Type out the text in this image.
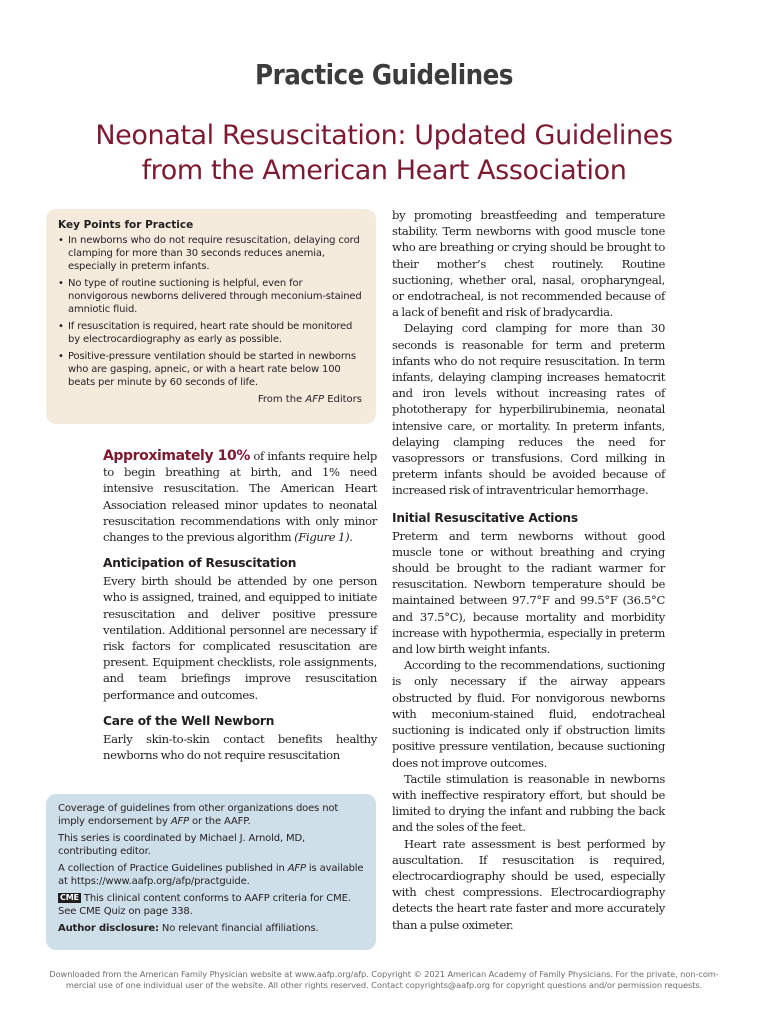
Practice Guidelines
Neonatal Resuscitation: Updated Guidelines
from the American Heart Association
Key Points for Practice
• In newborns who do not require resuscitation, delaying cord clamping for more than 30 seconds reduces anemia, especially in preterm infants.
• No type of routine suctioning is helpful, even for nonvigorous newborns delivered through meconium-stained amniotic fluid.
• If resuscitation is required, heart rate should be monitored by electrocardiography as early as possible.
• Positive-pressure ventilation should be started in newborns who are gasping, apneic, or with a heart rate below 100 beats per minute by 60 seconds of life.
From the AFP Editors

Approximately 10% of infants require help to begin breathing at birth, and 1% need intensive resuscitation. The American Heart Association released minor updates to neonatal resuscitation recommendations with only minor changes to the previous algorithm (Figure 1).

Anticipation of Resuscitation

Every birth should be attended by one person who is assigned, trained, and equipped to initiate resuscitation and deliver positive pressure ventilation. Additional personnel are necessary if risk factors for complicated resuscitation are present. Equipment checklists, role assignments, and team briefings improve resuscitation performance and outcomes.

Care of the Well Newborn

Early skin-to-skin contact benefits healthy newborns who do not require resuscitation

by promoting breastfeeding and temperature stability. Term newborns with good muscle tone who are breathing or crying should be brought to their mother’s chest routinely. Routine suctioning, whether oral, nasal, oropharyngeal, or endotracheal, is not recommended because of a lack of benefit and risk of bradycardia.

Delaying cord clamping for more than 30 seconds is reasonable for term and preterm infants who do not require resuscitation. In term infants, delaying clamping increases hematocrit and iron levels without increasing rates of phototherapy for hyperbilirubinemia, neonatal intensive care, or mortality. In preterm infants, delaying clamping reduces the need for vasopressors or transfusions. Cord milking in preterm infants should be avoided because of increased risk of intraventricular hemorrhage.

Initial Resuscitative Actions

Preterm and term newborns without good muscle tone or without breathing and crying should be brought to the radiant warmer for resuscitation. Newborn temperature should be maintained between 97.7°F and 99.5°F (36.5°C and 37.5°C), because mortality and morbidity increase with hypothermia, especially in preterm and low birth weight infants.

According to the recommendations, suctioning is only necessary if the airway appears obstructed by fluid. For nonvigorous newborns with meconium-stained fluid, endotracheal suctioning is indicated only if obstruction limits positive pressure ventilation, because suctioning does not improve outcomes.

Tactile stimulation is reasonable in newborns with ineffective respiratory effort, but should be limited to drying the infant and rubbing the back and the soles of the feet.

Heart rate assessment is best performed by auscultation. If resuscitation is required, electrocardiography should be used, especially with chest compressions. Electrocardiography detects the heart rate faster and more accurately than a pulse oximeter.

Coverage of guidelines from other organizations does not imply endorsement by AFP or the AAFP.

This series is coordinated by Michael J. Arnold, MD, contributing editor.

A collection of Practice Guidelines published in AFP is available at https://www.aafp.org/afp/practguide.

CME This clinical content conforms to AAFP criteria for CME. See CME Quiz on page 338.

Author disclosure: No relevant financial affiliations.

Downloaded from the American Family Physician website at www.aafp.org/afp. Copyright © 2021 American Academy of Family Physicians. For the private, non-com-
mercial use of one individual user of the website. All other rights reserved. Contact copyrights@aafp.org for copyright questions and/or permission requests.
